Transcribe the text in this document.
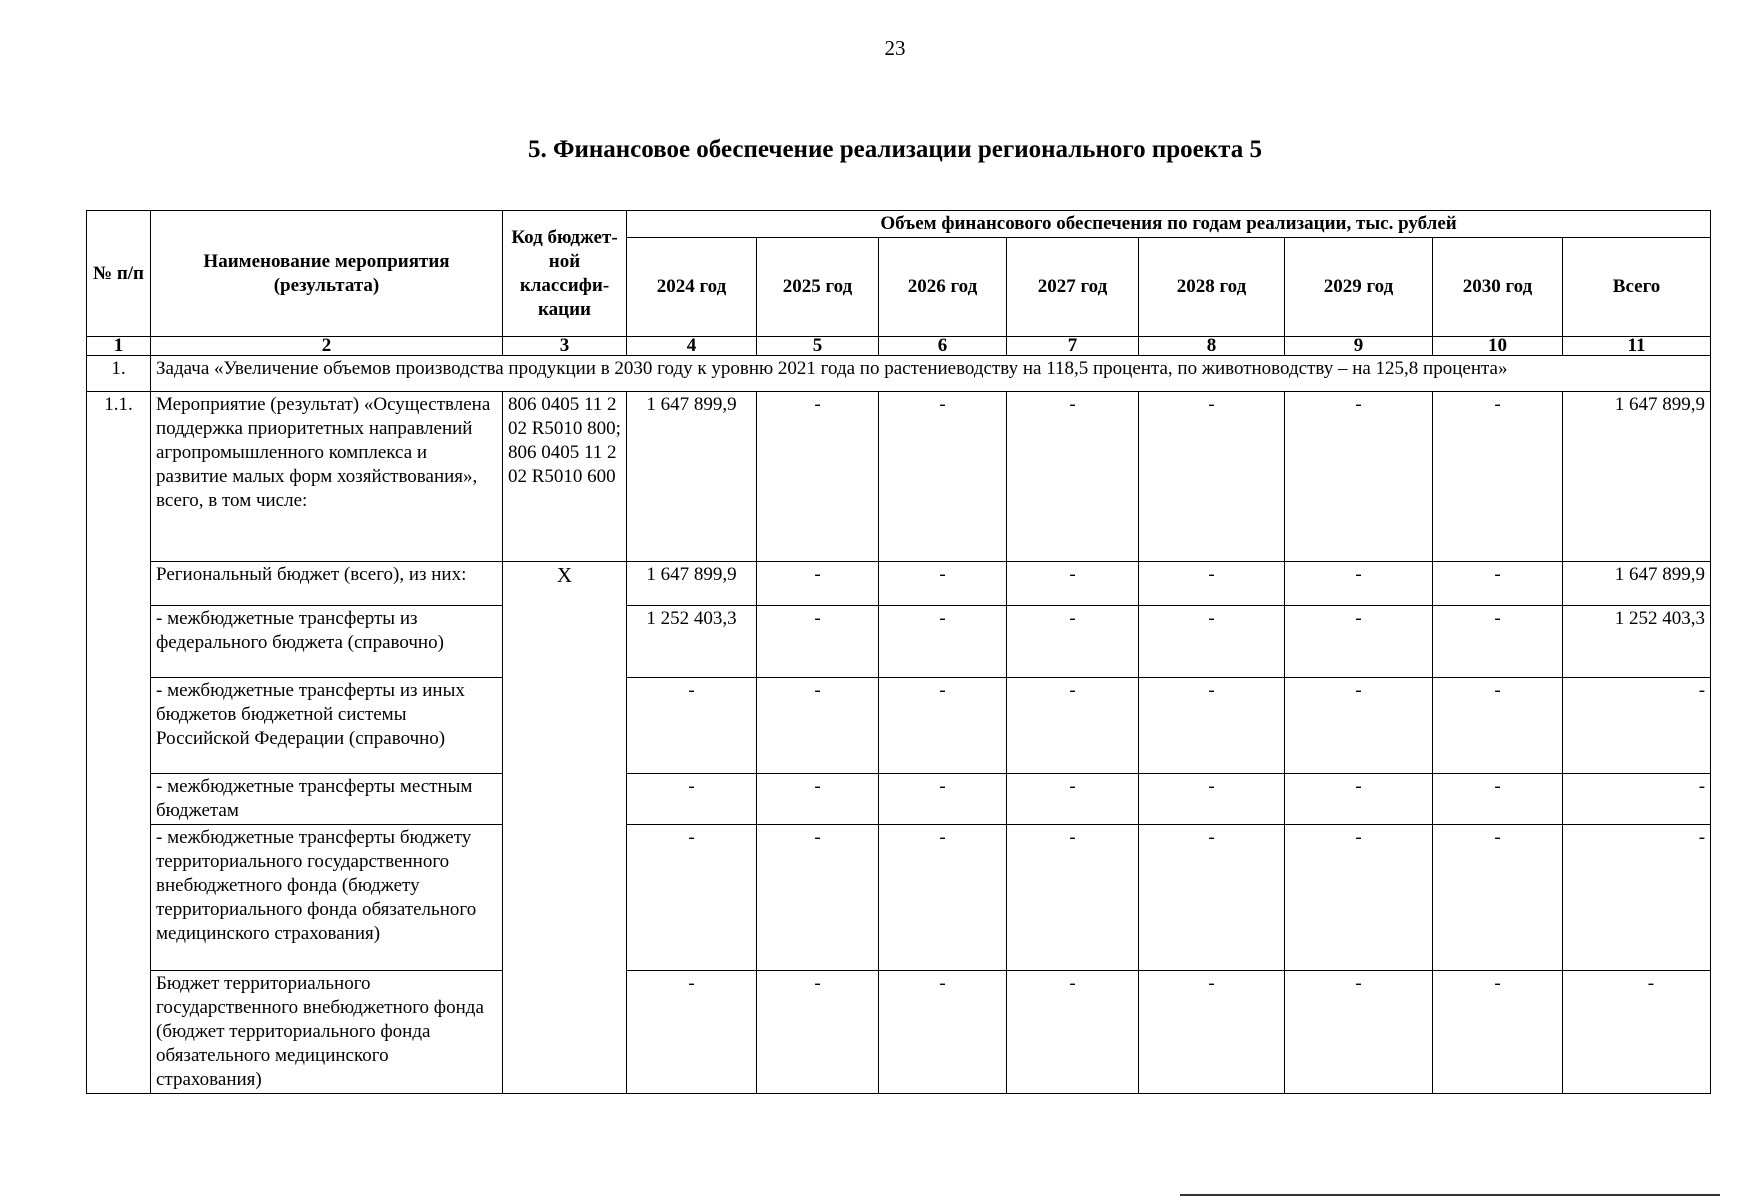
23
5. Финансовое обеспечение реализации регионального проекта 5
№ п/п	Наименование мероприятия (результата)	Код бюджет-ной классифи-кации	Объем финансового обеспечения по годам реализации, тыс. рублей							
			2024 год	2025 год	2026 год	2027 год	2028 год	2029 год	2030 год	Всего
1	2	3	4	5	6	7	8	9	10	11
1.	Задача «Увеличение объемов производства продукции в 2030 году к уровню 2021 года по растениеводству на 118,5 процента, по животноводству – на 125,8 процента»									
1.1.	Мероприятие (результат) «Осуществлена поддержка приоритетных направлений агропромышленного комплекса и развитие малых форм хозяйствования», всего, в том числе:	806 0405 11 2 02 R5010 800; 806 0405 11 2 02 R5010 600	1 647 899,9	-	-	-	-	-	-	1 647 899,9
	Региональный бюджет (всего), из них:	X	1 647 899,9	-	-	-	-	-	-	1 647 899,9
	- межбюджетные трансферты из федерального бюджета (справочно)		1 252 403,3	-	-	-	-	-	-	1 252 403,3
	- межбюджетные трансферты из иных бюджетов бюджетной системы Российской Федерации (справочно)		-	-	-	-	-	-	-	-
	- межбюджетные трансферты местным бюджетам		-	-	-	-	-	-	-	-
	- межбюджетные трансферты бюджету территориального государственного внебюджетного фонда (бюджету территориального фонда обязательного медицинского страхования)		-	-	-	-	-	-	-	-
	Бюджет территориального государственного внебюджетного фонда (бюджет территориального фонда обязательного медицинского страхования)		-	-	-	-	-	-	-	-
